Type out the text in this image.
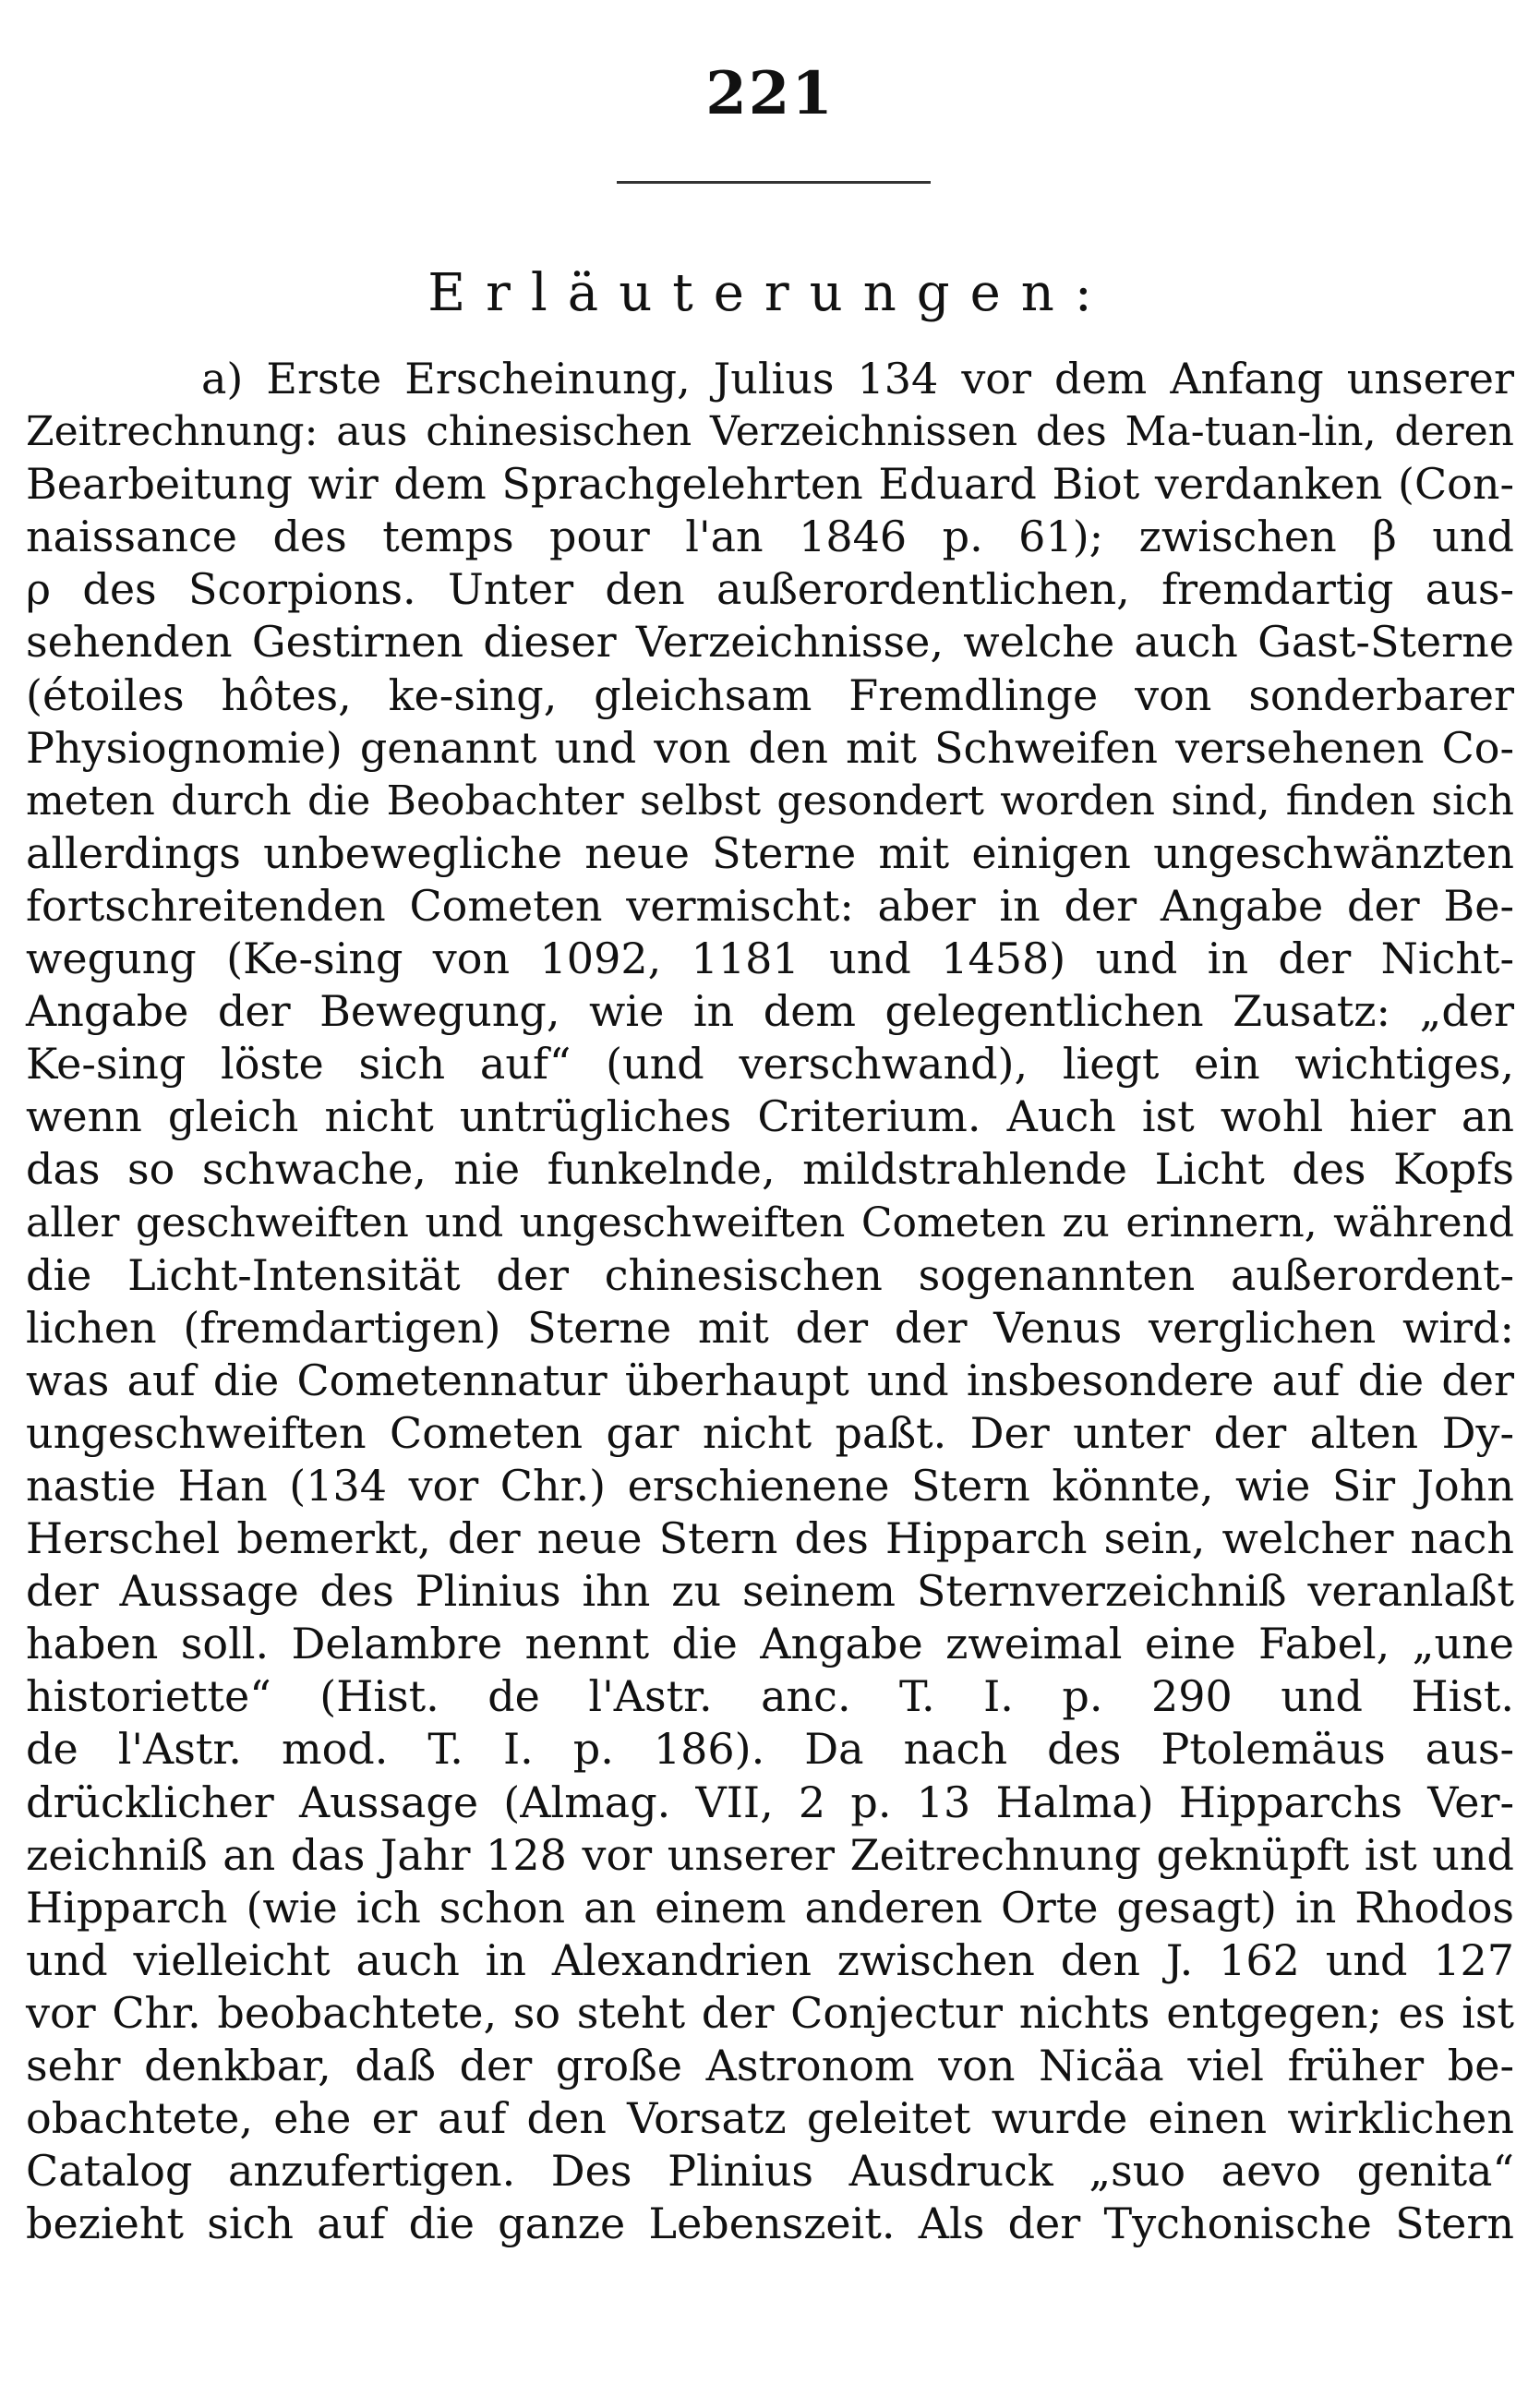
221
Erläuterungen:
a) Erste Erscheinung, Julius 134 vor dem Anfang unserer
Zeitrechnung: aus chinesischen Verzeichnissen des Ma-tuan-lin, deren
Bearbeitung wir dem Sprachgelehrten Eduard Biot verdanken (Con-
naissance des temps pour l'an 1846 p. 61); zwischen β und
ρ des Scorpions. Unter den außerordentlichen, fremdartig aus-
sehenden Gestirnen dieser Verzeichnisse, welche auch Gast-Sterne
(étoiles hôtes, ke-sing, gleichsam Fremdlinge von sonderbarer
Physiognomie) genannt und von den mit Schweifen versehenen Co-
meten durch die Beobachter selbst gesondert worden sind, finden sich
allerdings unbewegliche neue Sterne mit einigen ungeschwänzten
fortschreitenden Cometen vermischt: aber in der Angabe der Be-
wegung (Ke-sing von 1092, 1181 und 1458) und in der Nicht-
Angabe der Bewegung, wie in dem gelegentlichen Zusatz: „der
Ke-sing löste sich auf“ (und verschwand), liegt ein wichtiges,
wenn gleich nicht untrügliches Criterium. Auch ist wohl hier an
das so schwache, nie funkelnde, mildstrahlende Licht des Kopfs
aller geschweiften und ungeschweiften Cometen zu erinnern, während
die Licht-Intensität der chinesischen sogenannten außerordent-
lichen (fremdartigen) Sterne mit der der Venus verglichen wird:
was auf die Cometennatur überhaupt und insbesondere auf die der
ungeschweiften Cometen gar nicht paßt. Der unter der alten Dy-
nastie Han (134 vor Chr.) erschienene Stern könnte, wie Sir John
Herschel bemerkt, der neue Stern des Hipparch sein, welcher nach
der Aussage des Plinius ihn zu seinem Sternverzeichniß veranlaßt
haben soll. Delambre nennt die Angabe zweimal eine Fabel, „une
historiette“ (Hist. de l'Astr. anc. T. I. p. 290 und Hist.
de l'Astr. mod. T. I. p. 186). Da nach des Ptolemäus aus-
drücklicher Aussage (Almag. VII, 2 p. 13 Halma) Hipparchs Ver-
zeichniß an das Jahr 128 vor unserer Zeitrechnung geknüpft ist und
Hipparch (wie ich schon an einem anderen Orte gesagt) in Rhodos
und vielleicht auch in Alexandrien zwischen den J. 162 und 127
vor Chr. beobachtete, so steht der Conjectur nichts entgegen; es ist
sehr denkbar, daß der große Astronom von Nicäa viel früher be-
obachtete, ehe er auf den Vorsatz geleitet wurde einen wirklichen
Catalog anzufertigen. Des Plinius Ausdruck „suo aevo genita“
bezieht sich auf die ganze Lebenszeit. Als der Tychonische Stern
